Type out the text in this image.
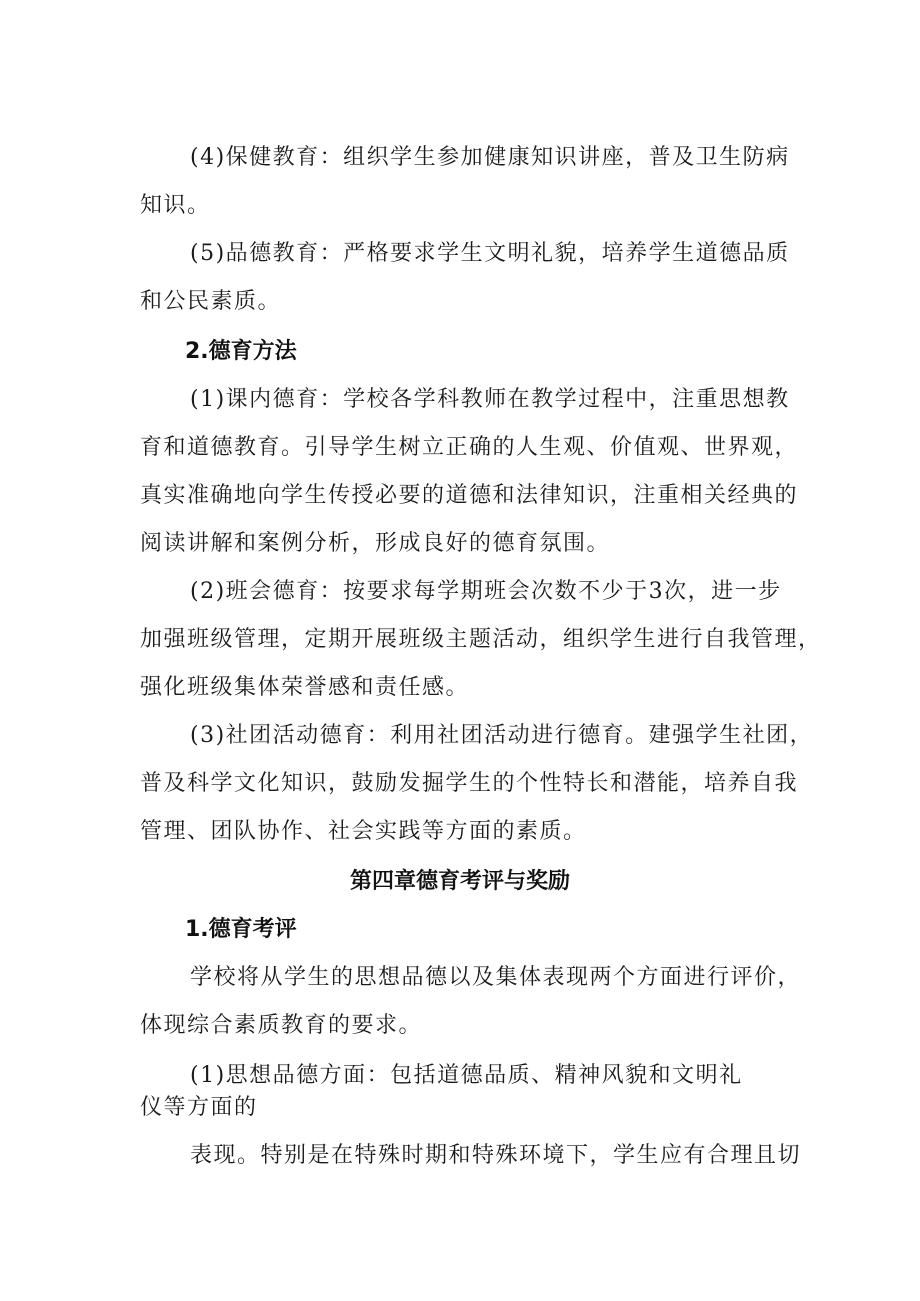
(4)保健教育：组织学生参加健康知识讲座，普及卫生防病
知识。
(5)品德教育：严格要求学生文明礼貌，培养学生道德品质
和公民素质。
2.德育方法
(1)课内德育：学校各学科教师在教学过程中，注重思想教
育和道德教育。引导学生树立正确的人生观、价值观、世界观，
真实准确地向学生传授必要的道德和法律知识，注重相关经典的
阅读讲解和案例分析，形成良好的德育氛围。
(2)班会德育：按要求每学期班会次数不少于3次，进一步
加强班级管理，定期开展班级主题活动，组织学生进行自我管理，
强化班级集体荣誉感和责任感。
(3)社团活动德育：利用社团活动进行德育。建强学生社团，
普及科学文化知识，鼓励发掘学生的个性特长和潜能，培养自我
管理、团队协作、社会实践等方面的素质。
第四章德育考评与奖励
1.德育考评
学校将从学生的思想品德以及集体表现两个方面进行评价，
体现综合素质教育的要求。
(1)思想品德方面：包括道德品质、精神风貌和文明礼
仪等方面的
表现。特别是在特殊时期和特殊环境下，学生应有合理且切
